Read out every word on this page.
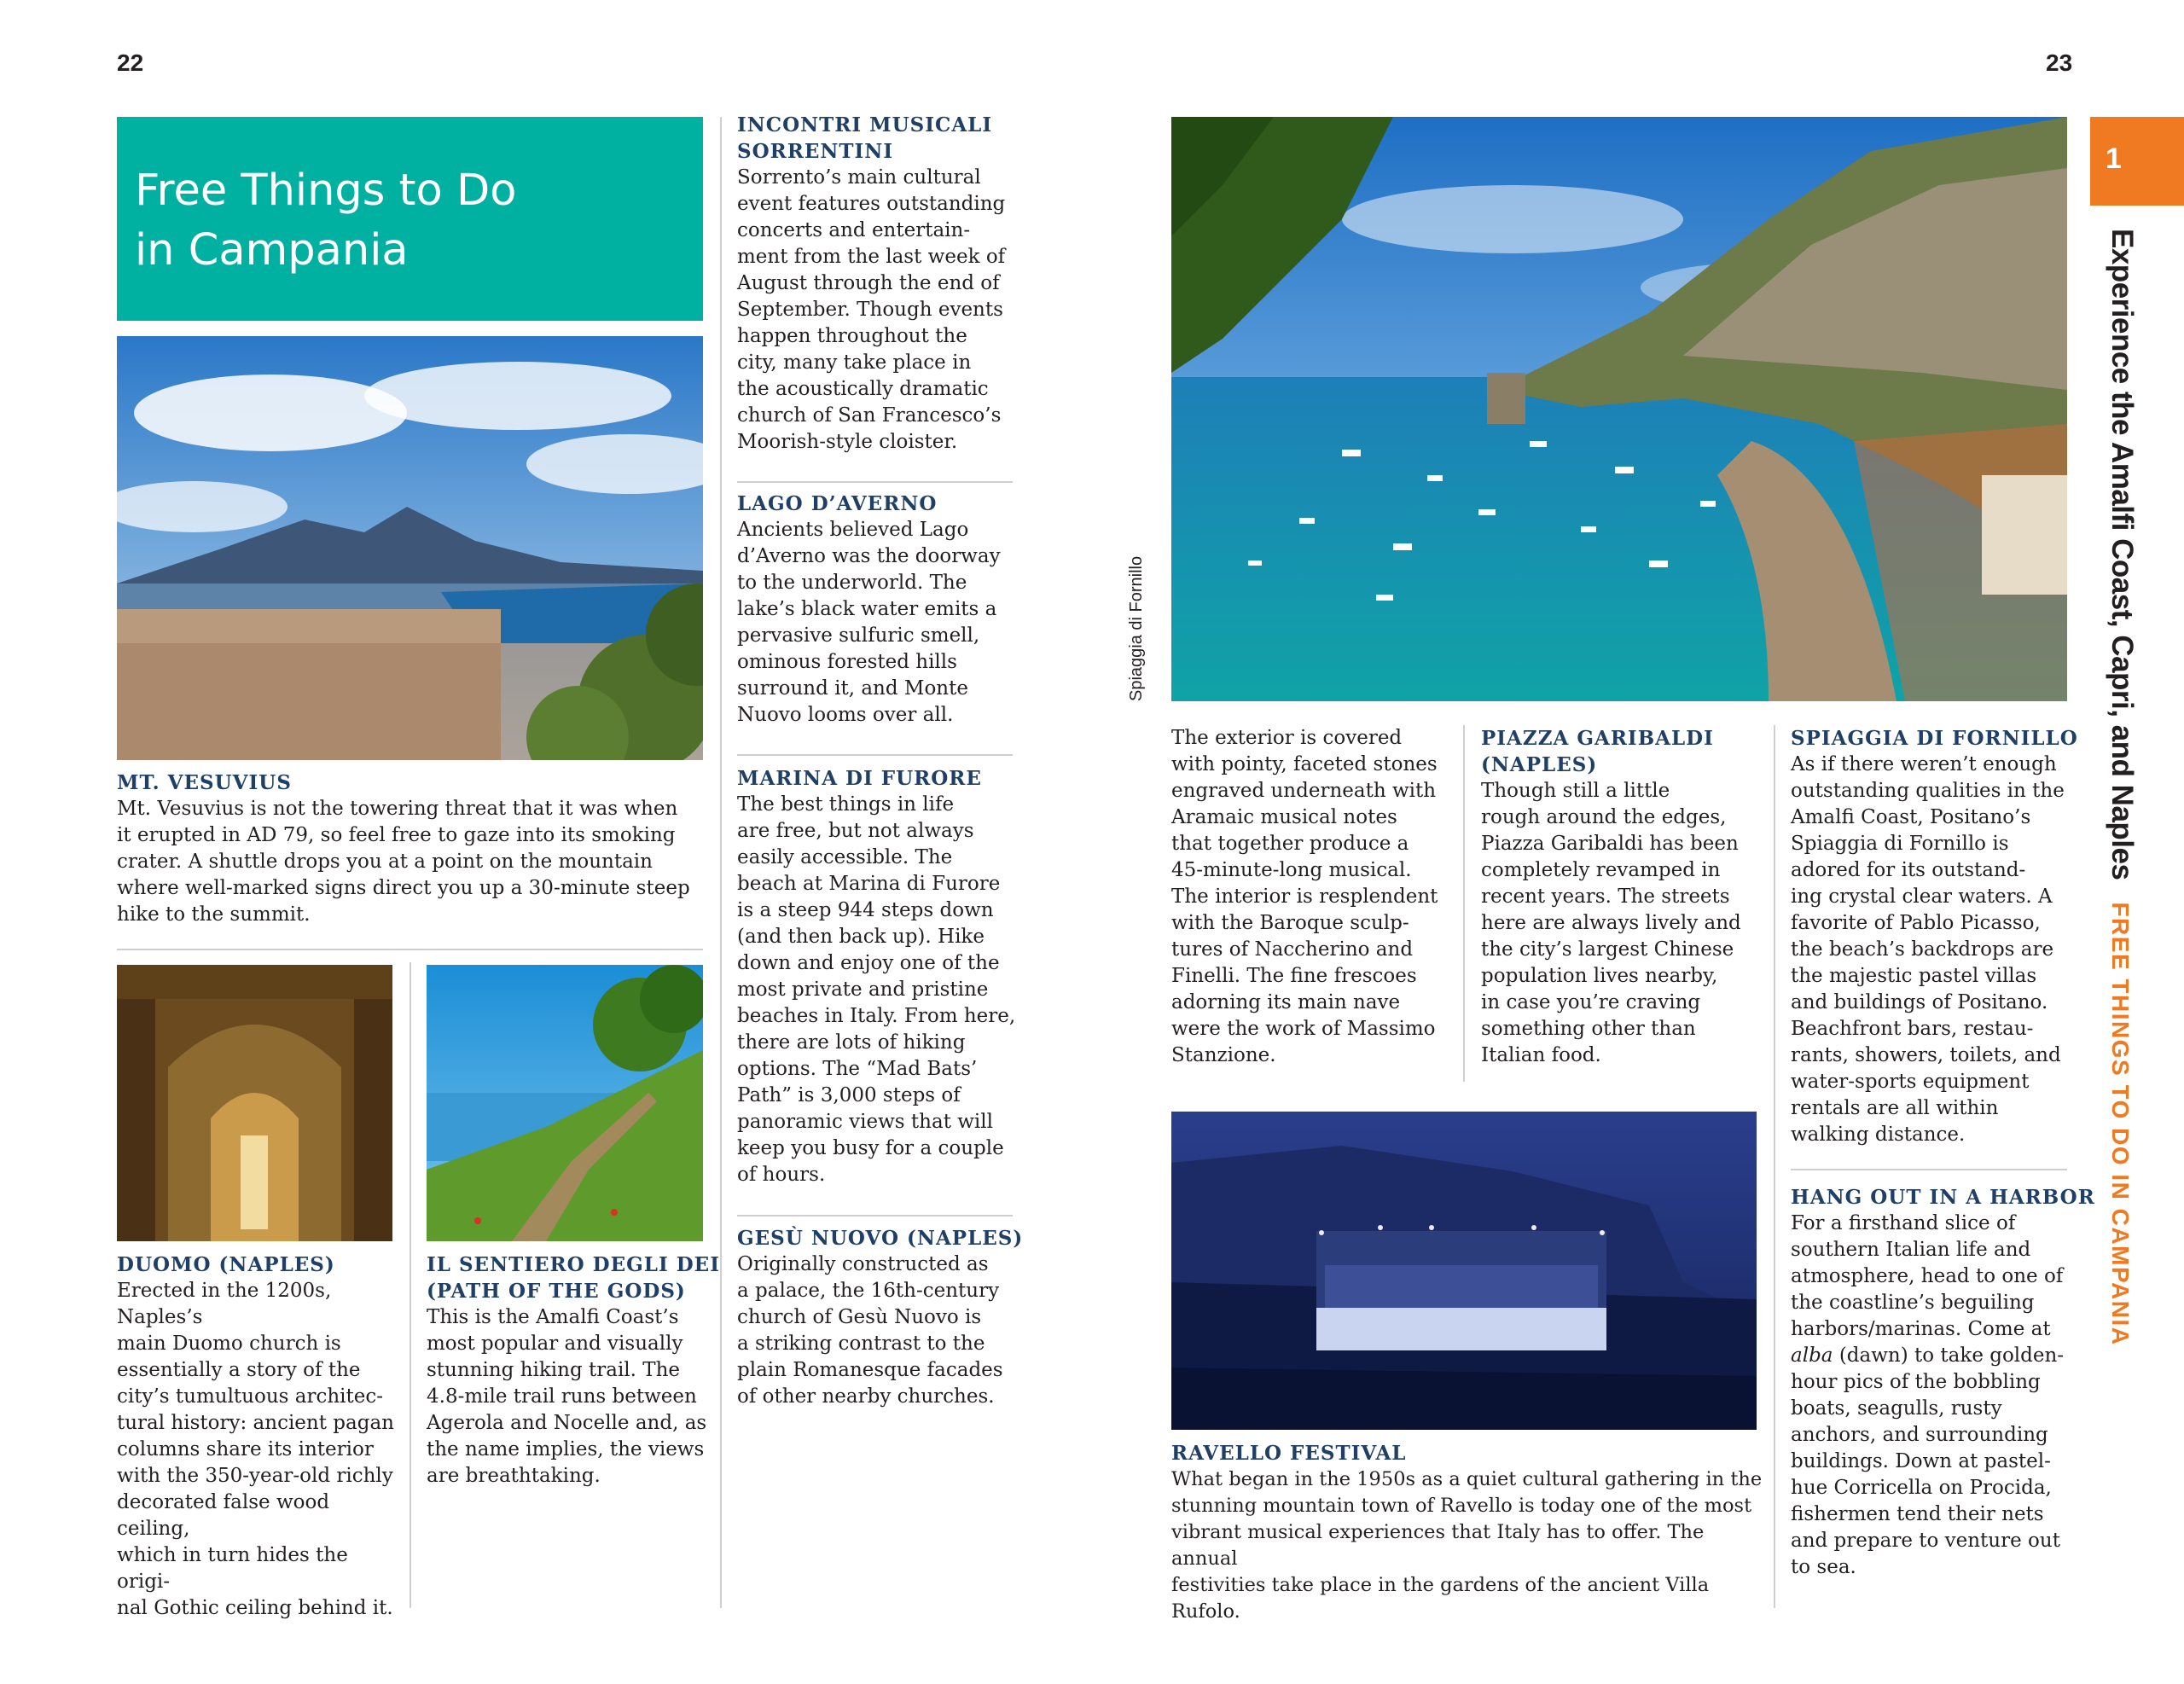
22	23
Free Things to Do
in Campania
MT. VESUVIUS
Mt. Vesuvius is not the towering threat that it was when
it erupted in AD 79, so feel free to gaze into its smoking
crater. A shuttle drops you at a point on the mountain
where well-marked signs direct you up a 30-minute steep
hike to the summit.
DUOMO (NAPLES)
Erected in the 1200s, Naples’s
main Duomo church is
essentially a story of the
city’s tumultuous architec-
tural history: ancient pagan
columns share its interior
with the 350-year-old richly
decorated false wood ceiling,
which in turn hides the origi-
nal Gothic ceiling behind it.
IL SENTIERO DEGLI DEI
(PATH OF THE GODS)
This is the Amalfi Coast’s
most popular and visually
stunning hiking trail. The
4.8-mile trail runs between
Agerola and Nocelle and, as
the name implies, the views
are breathtaking.
INCONTRI MUSICALI
SORRENTINI
Sorrento’s main cultural
event features outstanding
concerts and entertain-
ment from the last week of
August through the end of
September. Though events
happen throughout the
city, many take place in
the acoustically dramatic
church of San Francesco’s
Moorish-style cloister.
LAGO D’AVERNO
Ancients believed Lago
d’Averno was the doorway
to the underworld. The
lake’s black water emits a
pervasive sulfuric smell,
ominous forested hills
surround it, and Monte
Nuovo looms over all.
MARINA DI FURORE
The best things in life
are free, but not always
easily accessible. The
beach at Marina di Furore
is a steep 944 steps down
(and then back up). Hike
down and enjoy one of the
most private and pristine
beaches in Italy. From here,
there are lots of hiking
options. The “Mad Bats’
Path” is 3,000 steps of
panoramic views that will
keep you busy for a couple
of hours.
GESÙ NUOVO (NAPLES)
Originally constructed as
a palace, the 16th-century
church of Gesù Nuovo is
a striking contrast to the
plain Romanesque facades
of other nearby churches.
Spiaggia di Fornillo
The exterior is covered
with pointy, faceted stones
engraved underneath with
Aramaic musical notes
that together produce a
45-minute-long musical.
The interior is resplendent
with the Baroque sculp-
tures of Naccherino and
Finelli. The fine frescoes
adorning its main nave
were the work of Massimo
Stanzione.
PIAZZA GARIBALDI
(NAPLES)
Though still a little
rough around the edges,
Piazza Garibaldi has been
completely revamped in
recent years. The streets
here are always lively and
the city’s largest Chinese
population lives nearby,
in case you’re craving
something other than
Italian food.
SPIAGGIA DI FORNILLO
As if there weren’t enough
outstanding qualities in the
Amalfi Coast, Positano’s
Spiaggia di Fornillo is
adored for its outstand-
ing crystal clear waters. A
favorite of Pablo Picasso,
the beach’s backdrops are
the majestic pastel villas
and buildings of Positano.
Beachfront bars, restau-
rants, showers, toilets, and
water-sports equipment
rentals are all within
walking distance.
HANG OUT IN A HARBOR
For a firsthand slice of
southern Italian life and
atmosphere, head to one of
the coastline’s beguiling
harbors/marinas. Come at
alba (dawn) to take golden-
hour pics of the bobbling
boats, seagulls, rusty
anchors, and surrounding
buildings. Down at pastel-
hue Corricella on Procida,
fishermen tend their nets
and prepare to venture out
to sea.
RAVELLO FESTIVAL
What began in the 1950s as a quiet cultural gathering in the
stunning mountain town of Ravello is today one of the most
vibrant musical experiences that Italy has to offer. The annual
festivities take place in the gardens of the ancient Villa Rufolo.
1
Experience the Amalfi Coast, Capri, and NaplesFREE THINGS TO DO IN CAMPANIA
